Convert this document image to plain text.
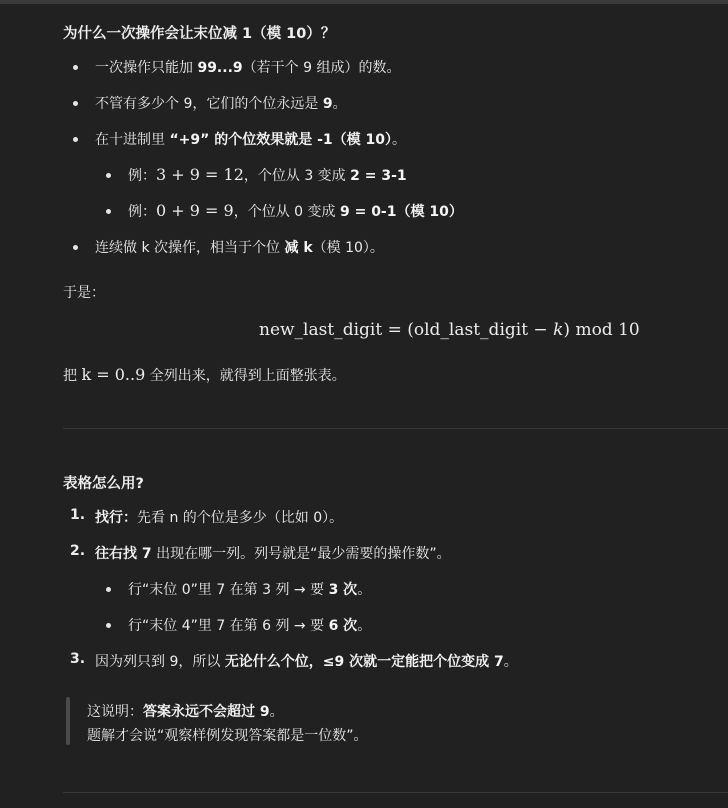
为什么一次操作会让末位减 1（模 10）？
一次操作只能加 99...9（若干个 9 组成）的数。
不管有多少个 9，它们的个位永远是 9。
在十进制里 “+9” 的个位效果就是 -1（模 10）。
例：3 + 9 = 12，个位从 3 变成 2 = 3-1
例：0 + 9 = 9，个位从 0 变成 9 = 0-1（模 10）
连续做 k 次操作，相当于个位 减 k（模 10）。
于是：
new_last_digit = (old_last_digit − k) mod 10
把 k = 0..9 全列出来，就得到上面整张表。
表格怎么用?
1. 找行：先看 n 的个位是多少（比如 0）。
2. 往右找 7 出现在哪一列。列号就是“最少需要的操作数”。
行“末位 0”里 7 在第 3 列 → 要 3 次。
行“末位 4”里 7 在第 6 列 → 要 6 次。
3. 因为列只到 9，所以 无论什么个位，≤9 次就一定能把个位变成 7。
这说明：答案永远不会超过 9。
题解才会说“观察样例发现答案都是一位数”。
